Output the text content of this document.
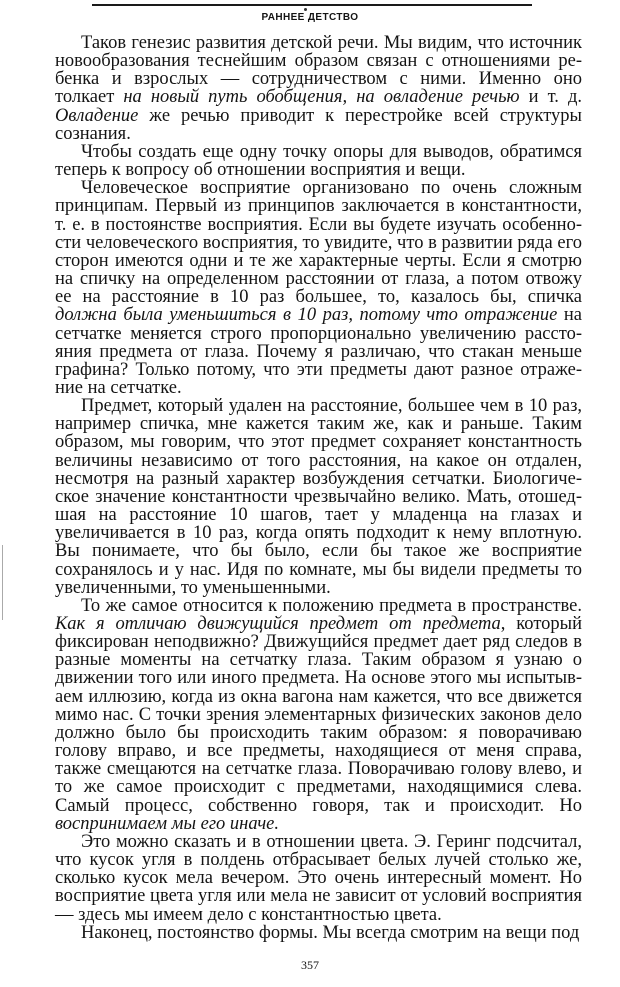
РАННЕЕ ДЕТСТВО

Таков генезис развития детской речи. Мы видим, что источник новообразования теснейшим образом связан с отношениями ребенка и взрослых — сотрудничеством с ними. Именно оно толкает на новый путь обобщения, на овладение речью и т. д. Овладение же речью приводит к перестройке всей структуры сознания.

Чтобы создать еще одну точку опоры для выводов, обратимся теперь к вопросу об отношении восприятия и вещи.

Человеческое восприятие организовано по очень сложным принципам. Первый из принципов заключается в константности, т. е. в постоянстве восприятия. Если вы будете изучать особенности человеческого восприятия, то увидите, что в развитии ряда его сторон имеются одни и те же характерные черты. Если я смотрю на спичку на определенном расстоянии от глаза, а потом отвожу ее на расстояние в 10 раз большее, то, казалось бы, спичка должна была уменьшиться в 10 раз, потому что отражение на сетчатке меняется строго пропорционально увеличению расстояния предмета от глаза. Почему я различаю, что стакан меньше графина? Только потому, что эти предметы дают разное отражение на сетчатке.

Предмет, который удален на расстояние, большее чем в 10 раз, например спичка, мне кажется таким же, как и раньше. Таким образом, мы говорим, что этот предмет сохраняет константность величины независимо от того расстояния, на какое он отдален, несмотря на разный характер возбуждения сетчатки. Биологическое значение константности чрезвычайно велико. Мать, отошедшая на расстояние 10 шагов, тает у младенца на глазах и увеличивается в 10 раз, когда опять подходит к нему вплотную. Вы понимаете, что бы было, если бы такое же восприятие сохранялось и у нас. Идя по комнате, мы бы видели предметы то увеличенными, то уменьшенными.

То же самое относится к положению предмета в пространстве. Как я отличаю движущийся предмет от предмета, который фиксирован неподвижно? Движущийся предмет дает ряд следов в разные моменты на сетчатку глаза. Таким образом я узнаю о движении того или иного предмета. На основе этого мы испытываем иллюзию, когда из окна вагона нам кажется, что все движется мимо нас. С точки зрения элементарных физических законов дело должно было бы происходить таким образом: я поворачиваю голову вправо, и все предметы, находящиеся от меня справа, также смещаются на сетчатке глаза. Поворачиваю голову влево, и то же самое происходит с предметами, находящимися слева. Самый процесс, собственно говоря, так и происходит. Но воспринимаем мы его иначе.

Это можно сказать и в отношении цвета. Э. Геринг подсчитал, что кусок угля в полдень отбрасывает белых лучей столько же, сколько кусок мела вечером. Это очень интересный момент. Но восприятие цвета угля или мела не зависит от условий восприятия — здесь мы имеем дело с константностью цвета.

Наконец, постоянство формы. Мы всегда смотрим на вещи под

357
